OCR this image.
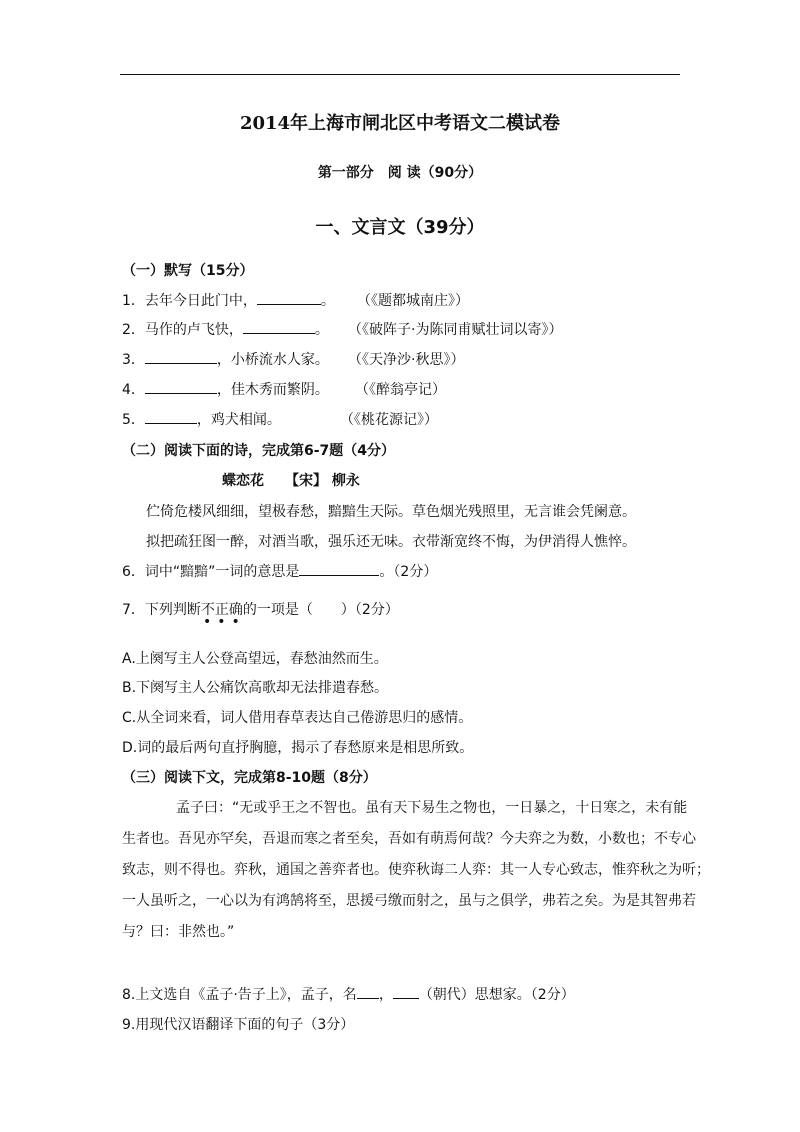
2014年上海市闸北区中考语文二模试卷
第一部分　阅 读（90分）
一、文言文（39分）
（一）默写（15分）
1．去年今日此门中，	。 （《题都城南庄》）
2．马作的卢飞快，	。 （《破阵子·为陈同甫赋壮词以寄》）
3．	，小桥流水人家。 （《天净沙·秋思》）
4．	，佳木秀而繁阴。 （《醉翁亭记）
5．	，鸡犬相闻。	（《桃花源记》）
（二）阅读下面的诗，完成第6-7题（4分）
蝶恋花　　【宋】 柳永
伫倚危楼风细细，望极春愁，黯黯生天际。草色烟光残照里，无言谁会凭阑意。
拟把疏狂图一醉，对酒当歌，强乐还无味。衣带渐宽终不悔，为伊消得人憔悴。
6．词中“黯黯”一词的意思是	。（2分）
7．下列判断不正确的一项是（　　）（2分）
•••
A.上阕写主人公登高望远，春愁油然而生。
B.下阕写主人公痛饮高歌却无法排遣春愁。
C.从全词来看，词人借用春草表达自己倦游思归的感情。
D.词的最后两句直抒胸臆，揭示了春愁原来是相思所致。
（三）阅读下文，完成第8-10题（8分）
孟子曰：“无或乎王之不智也。虽有天下易生之物也，一日暴之，十日寒之，未有能
生者也。吾见亦罕矣，吾退而寒之者至矣，吾如有萌焉何哉？今夫弈之为数，小数也；不专心
致志，则不得也。弈秋，通国之善弈者也。使弈秋诲二人弈：其一人专心致志，惟弈秋之为听；
一人虽听之，一心以为有鸿鹄将至，思援弓缴而射之，虽与之俱学，弗若之矣。为是其智弗若
与？曰：非然也。”
8.上文选自《孟子·告子上》，孟子，名 ， （朝代）思想家。（2分）
9.用现代汉语翻译下面的句子（3分）
